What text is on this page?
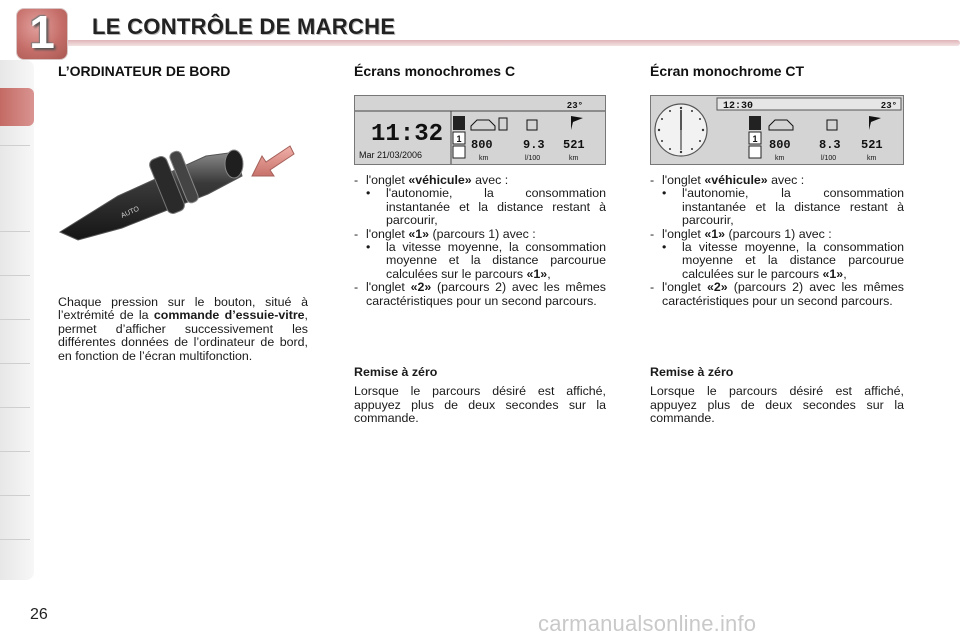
1	LE CONTRÔLE DE MARCHE
L’ORDINATEUR DE BORD
AUTO
Chaque pression sur le bouton, situé à l’extrémité de la commande d’essuie-vitre, permet d’afficher successivement les différentes données de l’ordinateur de bord, en fonction de l’écran multifonction.
Écrans monochromes C
23°
11:32
Mar 21/03/2006
1 800	9.3 521
km	l/100	km
- l'onglet «véhicule» avec :
• l'autonomie, la consommation instantanée et la distance restant à parcourir,
- l'onglet «1» (parcours 1) avec :
• la vitesse moyenne, la consommation moyenne et la distance parcourue calculées sur le parcours «1»,
- l'onglet «2» (parcours 2) avec les mêmes caractéristiques pour un second parcours.
Remise à zéro
Lorsque le parcours désiré est affiché, appuyez plus de deux secondes sur la commande.
Écran monochrome CT
12:30	23°
1 800 8.3 521
km	l/100	km
- l'onglet «véhicule» avec :
• l'autonomie, la consommation instantanée et la distance restant à parcourir,
- l'onglet «1» (parcours 1) avec :
• la vitesse moyenne, la consommation moyenne et la distance parcourue calculées sur le parcours «1»,
- l'onglet «2» (parcours 2) avec les mêmes caractéristiques pour un second parcours.
Remise à zéro
Lorsque le parcours désiré est affiché, appuyez plus de deux secondes sur la commande.
26	carmanualsonline.info
